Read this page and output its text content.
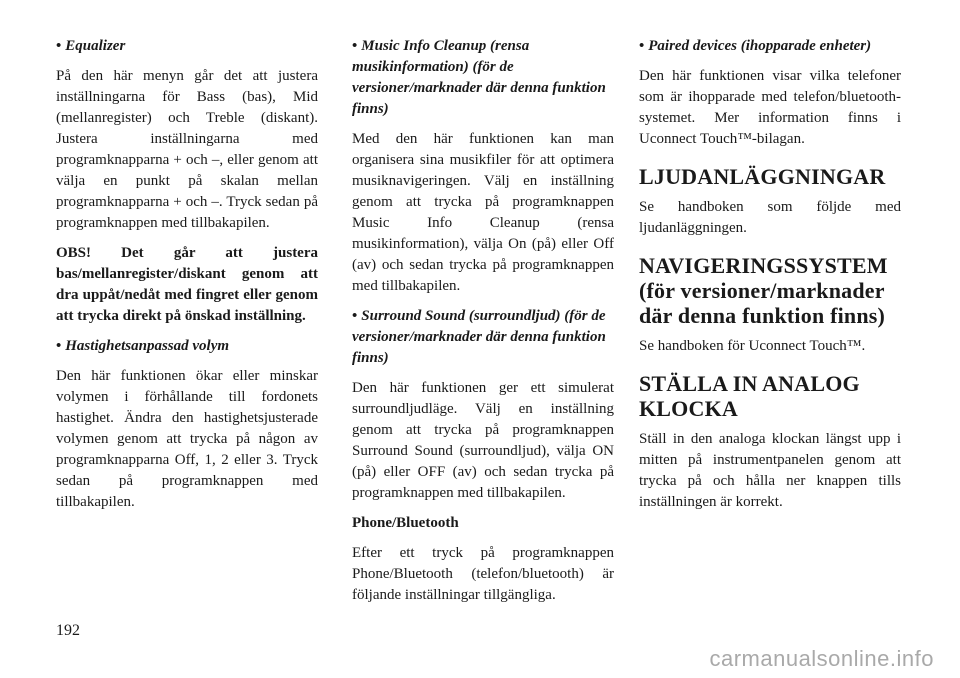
• Equalizer

På den här menyn går det att justera inställningarna för Bass (bas), Mid (mellanregister) och Treble (diskant). Justera inställningarna med programknapparna + och –, eller genom att välja en punkt på skalan mellan programknapparna + och –. Tryck sedan på programknappen med tillbakapilen.

OBS! Det går att justera bas/mellanregister/diskant genom att dra uppåt/nedåt med fingret eller genom att trycka direkt på önskad inställning.

• Hastighetsanpassad volym

Den här funktionen ökar eller minskar volymen i förhållande till fordonets hastighet. Ändra den hastighetsjusterade volymen genom att trycka på någon av programknapparna Off, 1, 2 eller 3. Tryck sedan på programknappen med tillbakapilen.

• Music Info Cleanup (rensa musikinformation) (för de versioner/marknader där denna funktion finns)

Med den här funktionen kan man organisera sina musikfiler för att optimera musiknavigeringen. Välj en inställning genom att trycka på programknappen Music Info Cleanup (rensa musikinformation), välja On (på) eller Off (av) och sedan trycka på programknappen med tillbakapilen.

• Surround Sound (surroundljud) (för de versioner/marknader där denna funktion finns)

Den här funktionen ger ett simulerat surroundljudläge. Välj en inställning genom att trycka på programknappen Surround Sound (surroundljud), välja ON (på) eller OFF (av) och sedan trycka på programknappen med tillbakapilen.

Phone/Bluetooth

Efter ett tryck på programknappen Phone/Bluetooth (telefon/bluetooth) är följande inställningar tillgängliga.

• Paired devices (ihopparade enheter)

Den här funktionen visar vilka telefoner som är ihopparade med telefon/bluetooth-systemet. Mer information finns i Uconnect Touch™-bilagan.

LJUDANLÄGGNINGAR

Se handboken som följde med ljudanläggningen.

NAVIGERINGSSYSTEM (för versioner/marknader där denna funktion finns)

Se handboken för Uconnect Touch™.

STÄLLA IN ANALOG KLOCKA

Ställ in den analoga klockan längst upp i mitten på instrumentpanelen genom att trycka på och hålla ner knappen tills inställningen är korrekt.

192
carmanualsonline.info
